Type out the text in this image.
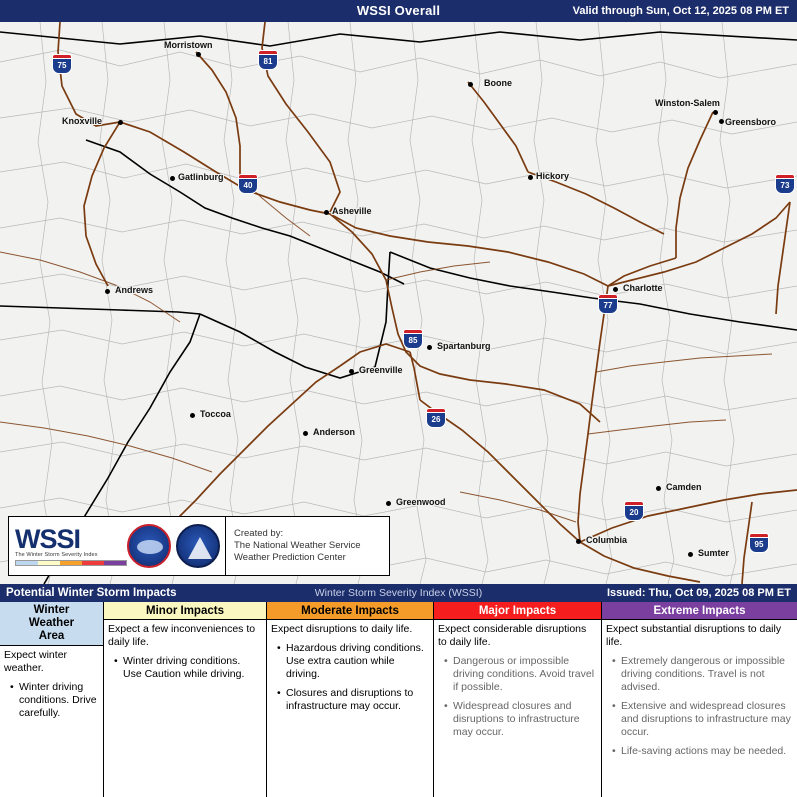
WSSI Overall	Valid through Sun, Oct 12, 2025 08 PM ET
Morristown
Knoxville
Boone
Winston-Salem
Greensboro
Gatlinburg	Hickory
Asheville
Andrews	Charlotte
Spartanburg
Greenville
Toccoa
Anderson
Greenwood
Camden
Columbia
Sumter
75	81
40	73
77
85
26
20
95
WSSI
The Winter Storm Severity Index
Created by:
The National Weather Service
Weather Prediction Center
Winter Storm Severity Index (WSSI)
Potential Winter Storm Impacts	Issued: Thu, Oct 09, 2025 08 PM ET
Winter
Weather
Area

Expect winter weather.

• Winter driving conditions. Drive carefully.
Minor Impacts

Expect a few inconveniences to daily life.

• Winter driving conditions. Use Caution while driving.
Moderate Impacts

Expect disruptions to daily life.

• Hazardous driving conditions. Use extra caution while driving.
• Closures and disruptions to infrastructure may occur.
Major Impacts

Expect considerable disruptions to daily life.

• Dangerous or impossible driving conditions. Avoid travel if possible.
• Widespread closures and disruptions to infrastructure may occur.
Extreme Impacts

Expect substantial disruptions to daily life.

• Extremely dangerous or impossible driving conditions. Travel is not advised.
• Extensive and widespread closures and disruptions to infrastructure may occur.
• Life-saving actions may be needed.
